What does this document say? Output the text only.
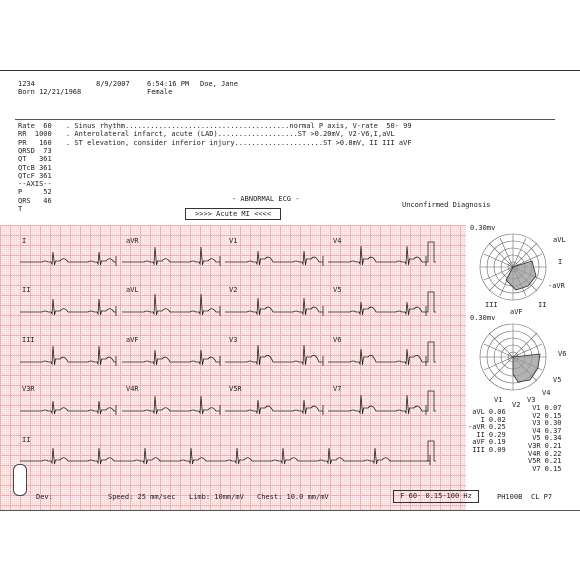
1234	8/9/2007 6:54:16 PM Doe, Jane
Born 12/21/1968	Female
Rate  60
RR  1000
PR   160
QRSD  73
QT   361
QTcB 361
QTcF 361
--AXIS--
P     52
QRS   46
T
. Sinus rhythm.......................................normal P axis, V-rate  50- 99
. Anterolateral infarct, acute (LAD)...................ST >0.20mV, V2-V6,I,aVL
. ST elevation, consider inferior injury.....................ST >0.8mV, II III aVF
- ABNORMAL ECG -
>>>> Acute MI <<<<
Unconfirmed Diagnosis
I	aVR	V1	V4
II	aVL	V2	V5
III	aVF	V3	V6
V3R	V4R	V5R	V7
II
0.30mv
aVL
I
-aVR
III
aVF
II
0.30mv
V6
V5
V4
V1
V2
V3
aVL	0.06
I	0.02
-aVR	0.25
II	0.29
aVF	0.19
III	0.09
V1	0.07
V2	0.15
V3	0.30
V4	0.37
V5	0.34
V3R	0.21
V4R	0.22
V5R	0.21
V7	0.15
Dev:	Speed: 25 mm/sec Limb: 10mm/mV Chest: 10.0 mm/mV	F 60- 0.15-100 Hz	PH100B CL P7
